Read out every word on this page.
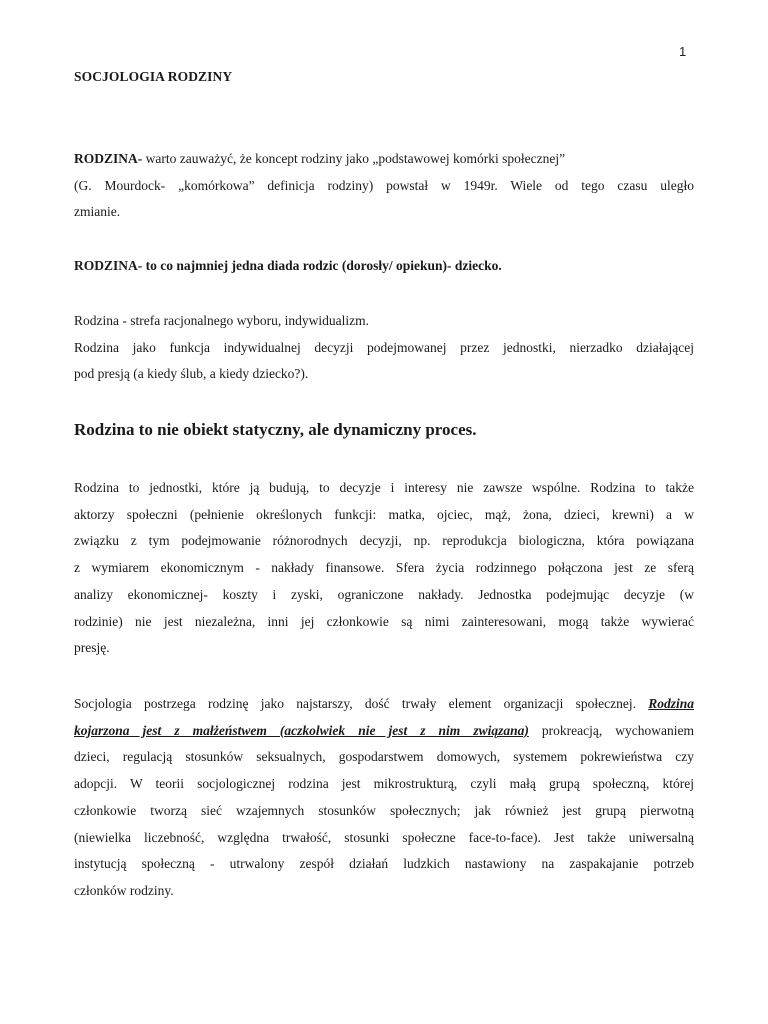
1
SOCJOLOGIA RODZINY
RODZINA- warto zauważyć, że koncept rodziny jako „podstawowej komórki społecznej”
(G. Mourdock- „komórkowa” definicja rodziny) powstał w 1949r. Wiele od tego czasu uległo
zmianie.
RODZINA- to co najmniej jedna diada rodzic (dorosły/ opiekun)- dziecko.
Rodzina - strefa racjonalnego wyboru, indywidualizm.
Rodzina jako funkcja indywidualnej decyzji podejmowanej przez jednostki, nierzadko działającej
pod presją (a kiedy ślub, a kiedy dziecko?).
Rodzina to nie obiekt statyczny, ale dynamiczny proces.
Rodzina to jednostki, które ją budują, to decyzje i interesy nie zawsze wspólne. Rodzina to także
aktorzy społeczni (pełnienie określonych funkcji: matka, ojciec, mąż, żona, dzieci, krewni) a w
związku z tym podejmowanie różnorodnych decyzji, np. reprodukcja biologiczna, która powiązana
z wymiarem ekonomicznym - nakłady finansowe. Sfera życia rodzinnego połączona jest ze sferą
analizy ekonomicznej- koszty i zyski, ograniczone nakłady. Jednostka podejmując decyzje (w
rodzinie) nie jest niezależna, inni jej członkowie są nimi zainteresowani, mogą także wywierać
presję.
Socjologia postrzega rodzinę jako najstarszy, dość trwały element organizacji społecznej. Rodzina
kojarzona jest z małżeństwem (aczkolwiek nie jest z nim związana) prokreacją, wychowaniem
dzieci, regulacją stosunków seksualnych, gospodarstwem domowych, systemem pokrewieństwa czy
adopcji. W teorii socjologicznej rodzina jest mikrostrukturą, czyli małą grupą społeczną, której
członkowie tworzą sieć wzajemnych stosunków społecznych; jak również jest grupą pierwotną
(niewielka liczebność, względna trwałość, stosunki społeczne face-to-face). Jest także uniwersalną
instytucją społeczną - utrwalony zespół działań ludzkich nastawiony na zaspakajanie potrzeb
członków rodziny.
